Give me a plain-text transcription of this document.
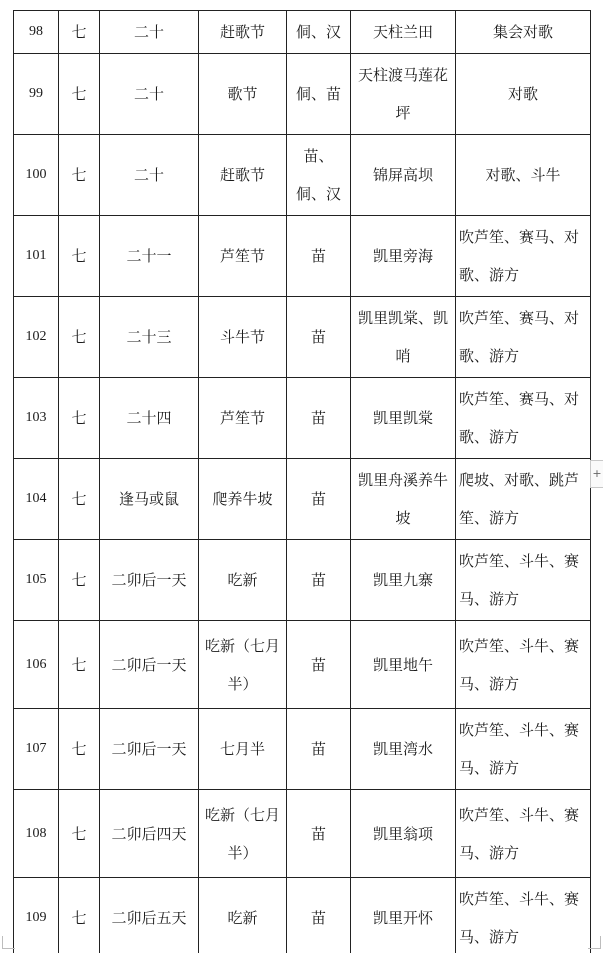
98	七	二十	赶歌节	侗、汉	天柱兰田	集会对歌
99	七	二十	歌节	侗、苗	天柱渡马莲花坪	对歌
100	七	二十	赶歌节	苗、侗、汉	锦屏高坝	对歌、斗牛
101	七	二十一	芦笙节	苗	凯里旁海	吹芦笙、赛马、对歌、游方
102	七	二十三	斗牛节	苗	凯里凯棠、凯哨	吹芦笙、赛马、对歌、游方
103	七	二十四	芦笙节	苗	凯里凯棠	吹芦笙、赛马、对歌、游方
104	七	逢马或鼠	爬养牛坡	苗	凯里舟溪养牛坡	爬坡、对歌、跳芦笙、游方
105	七	二卯后一天	吃新	苗	凯里九寨	吹芦笙、斗牛、赛马、游方
106	七	二卯后一天	吃新（七月半）	苗	凯里地午	吹芦笙、斗牛、赛马、游方
107	七	二卯后一天	七月半	苗	凯里湾水	吹芦笙、斗牛、赛马、游方
108	七	二卯后四天	吃新（七月半）	苗	凯里翁项	吹芦笙、斗牛、赛马、游方
109	七	二卯后五天	吃新	苗	凯里开怀	吹芦笙、斗牛、赛马、游方
+
